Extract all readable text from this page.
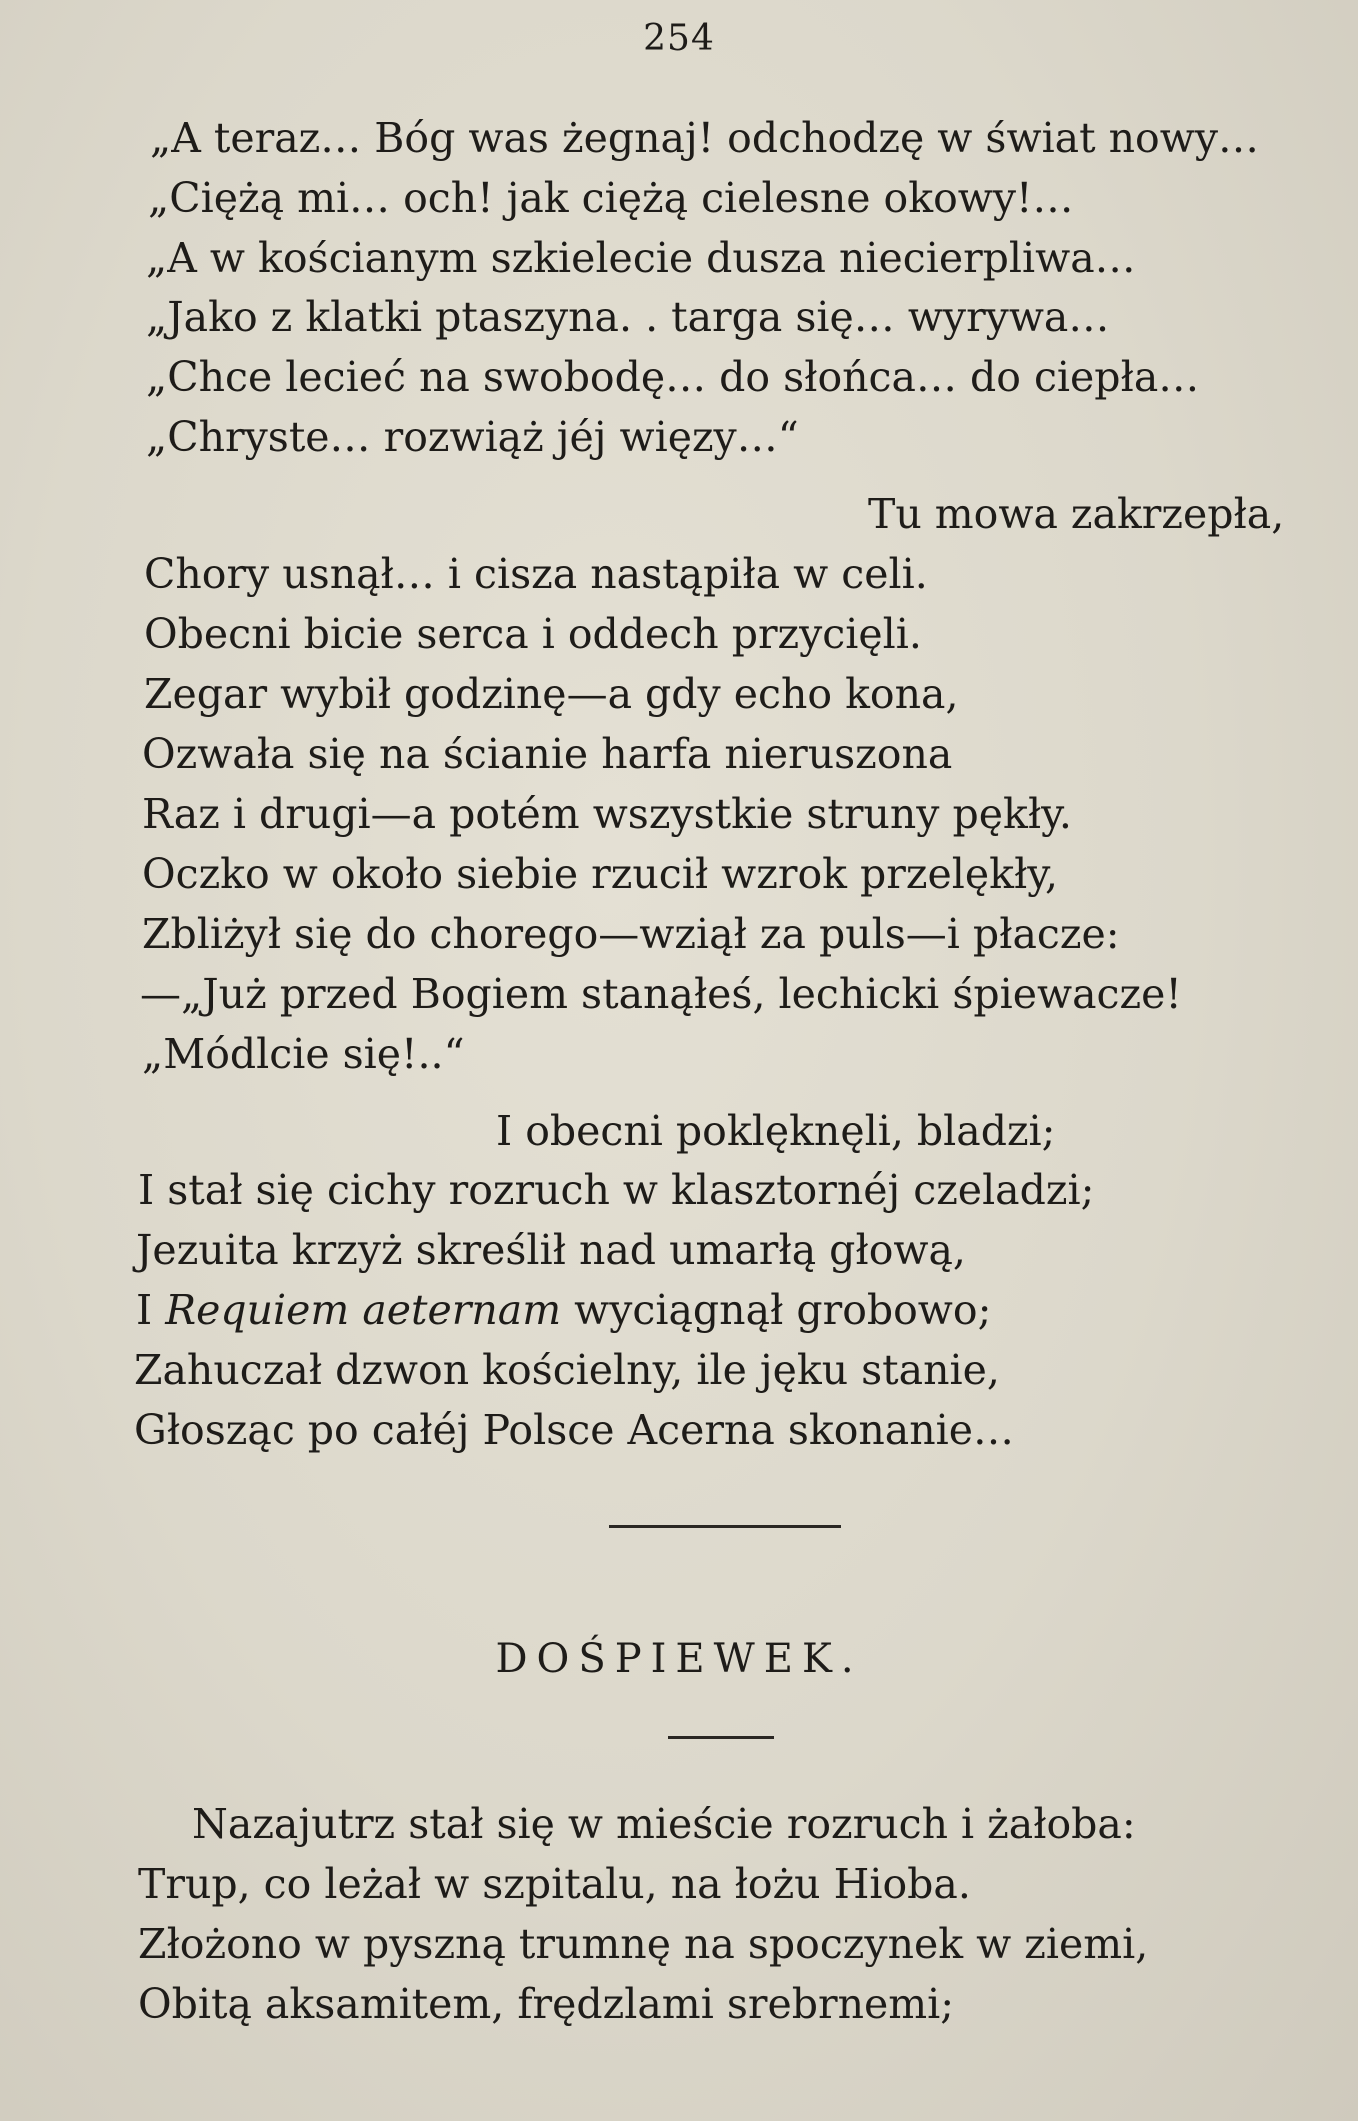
254
„A teraz… Bóg was żegnaj! odchodzę w świat nowy…
„Ciężą mi… och! jak ciężą cielesne okowy!…
„A w kościanym szkielecie dusza niecierpliwa…
„Jako z klatki ptaszyna. . targa się… wyrywa…
„Chce lecieć na swobodę… do słońca… do ciepła…
„Chryste… rozwiąż jéj więzy…“
Tu mowa zakrzepła,
Chory usnął… i cisza nastąpiła w celi.
Obecni bicie serca i oddech przycięli.
Zegar wybił godzinę—a gdy echo kona,
Ozwała się na ścianie harfa nieruszona
Raz i drugi—a potém wszystkie struny pękły.
Oczko w około siebie rzucił wzrok przelękły,
Zbliżył się do chorego—wziął za puls—i płacze:
—„Już przed Bogiem stanąłeś, lechicki śpiewacze!
„Módlcie się!..“
I obecni poklęknęli, bladzi;
I stał się cichy rozruch w klasztornéj czeladzi;
Jezuita krzyż skreślił nad umarłą głową,
I Requiem aeternam wyciągnął grobowo;
Zahuczał dzwon kościelny, ile jęku stanie,
Głosząc po całéj Polsce Acerna skonanie…
DOŚPIEWEK.
Nazajutrz stał się w mieście rozruch i żałoba:
Trup, co leżał w szpitalu, na łożu Hioba.
Złożono w pyszną trumnę na spoczynek w ziemi,
Obitą aksamitem, frędzlami srebrnemi;
